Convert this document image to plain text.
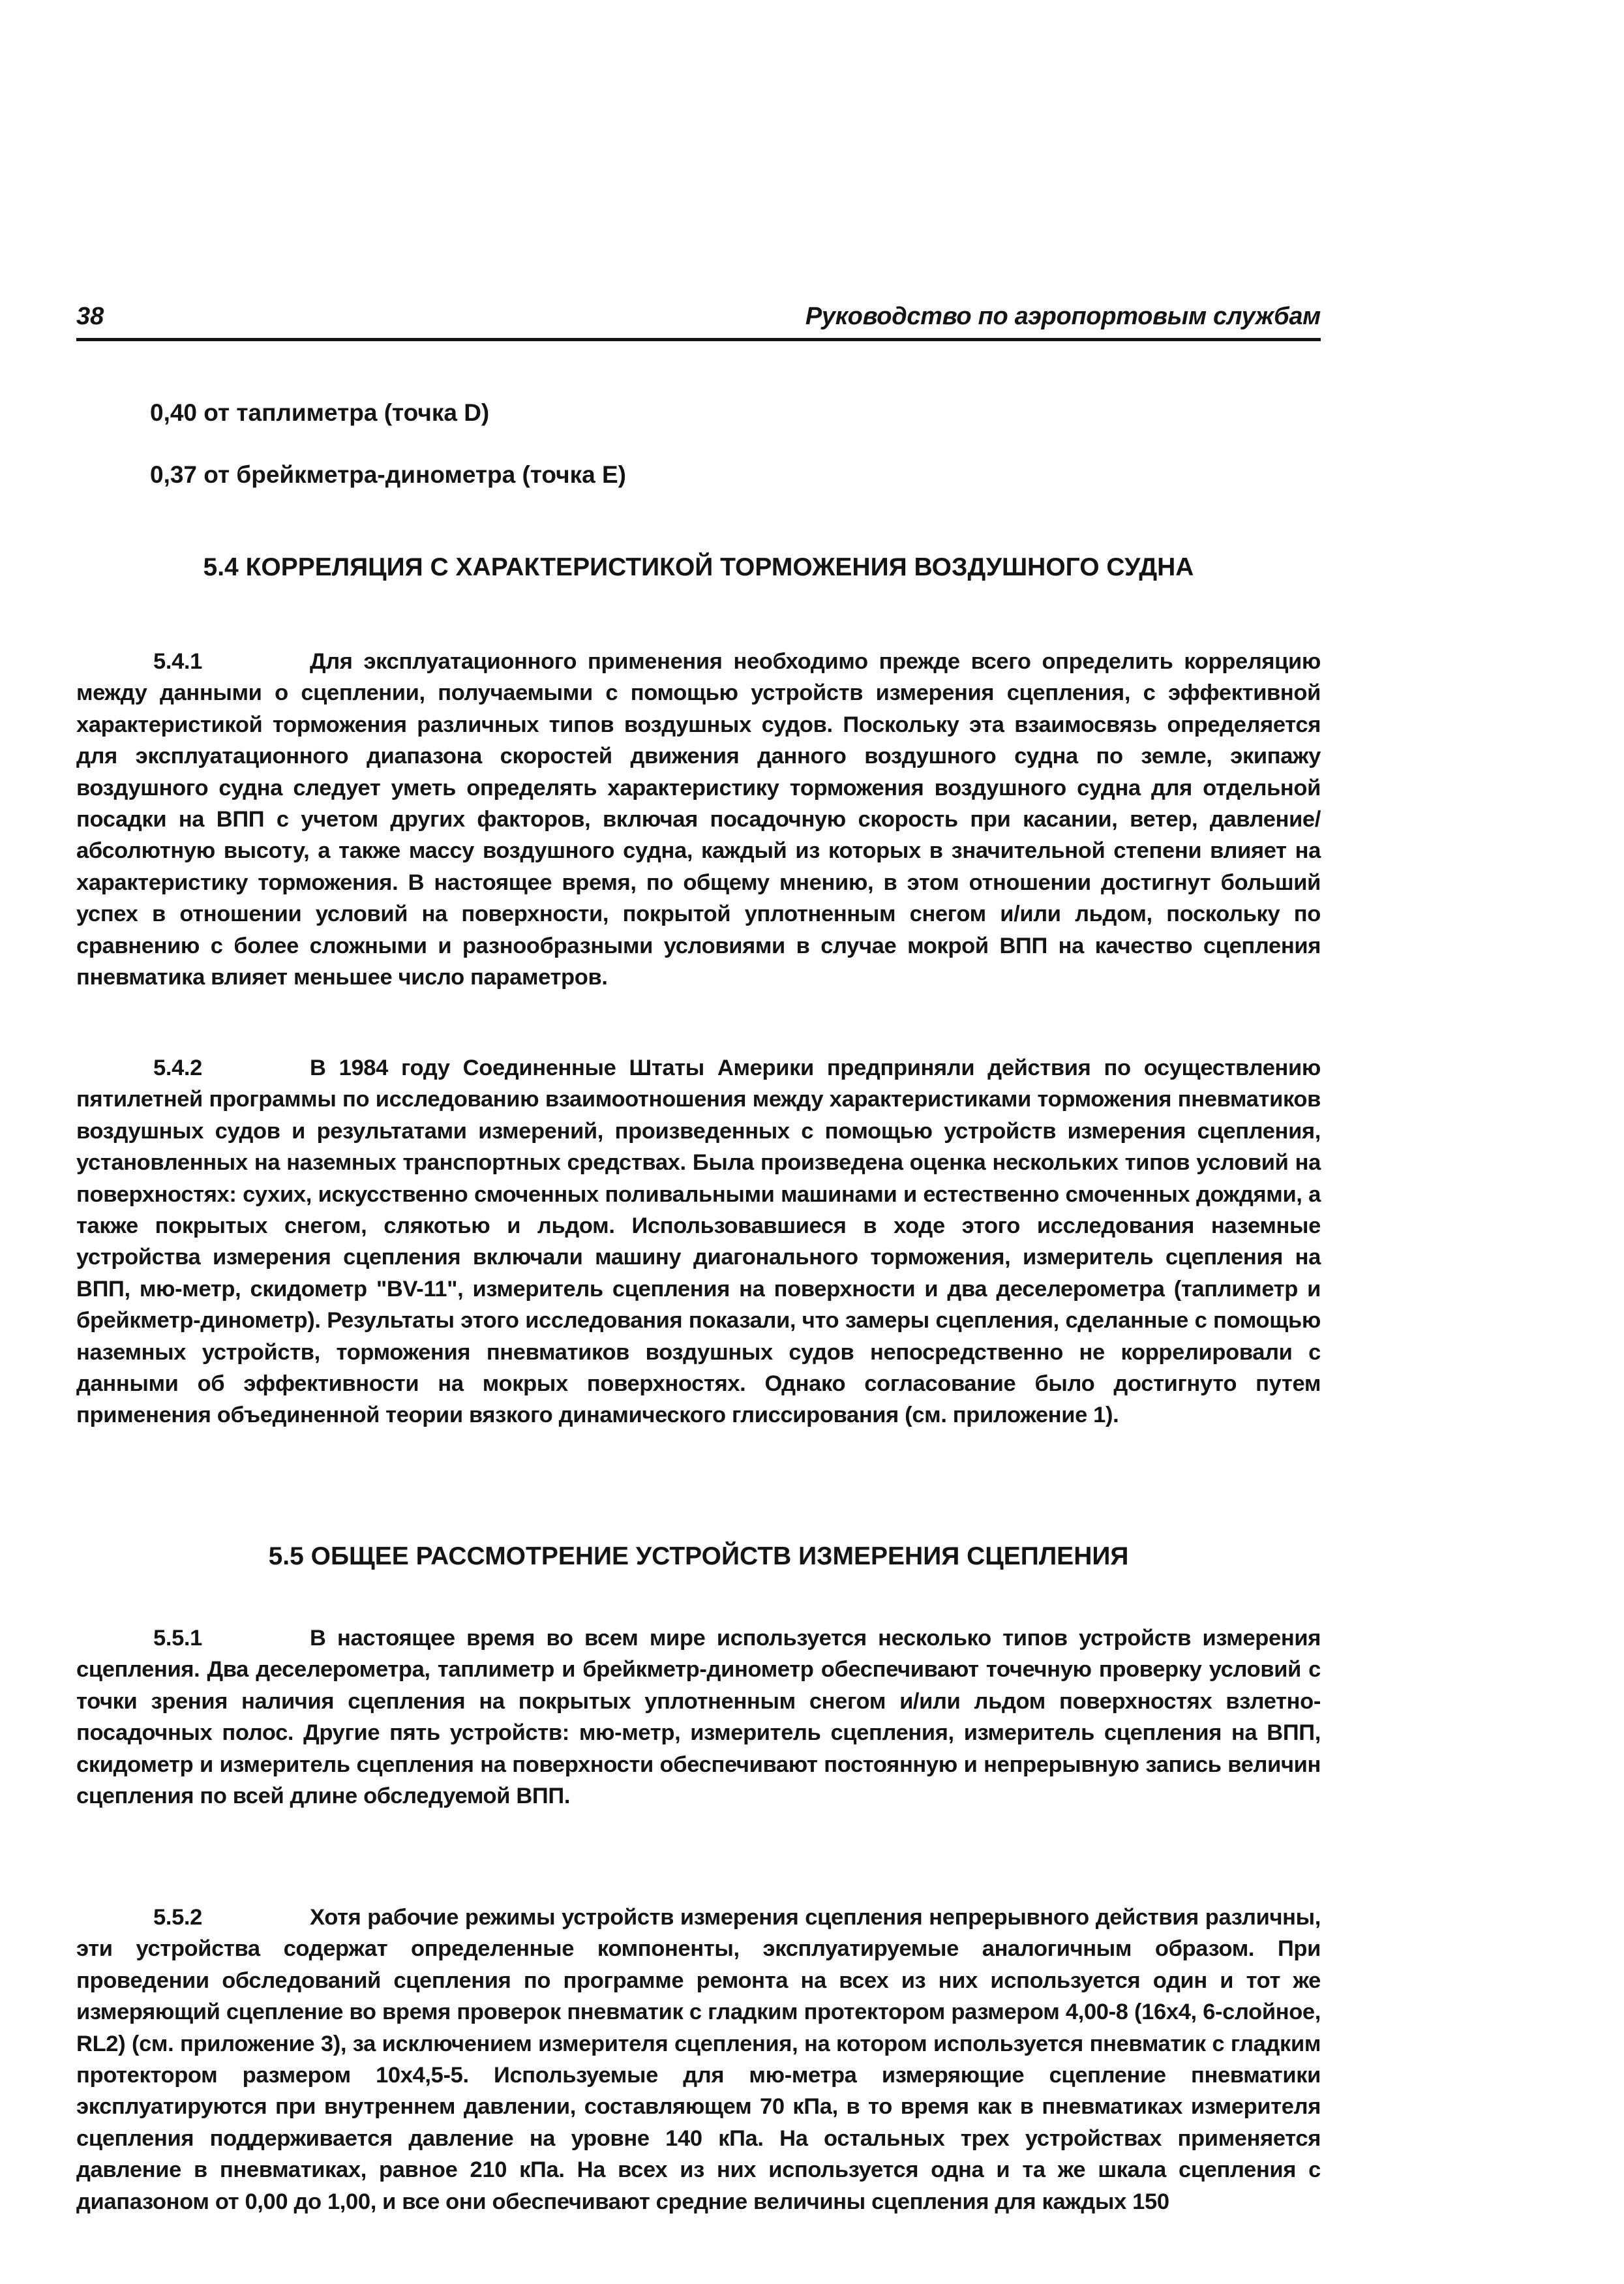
38	Руководство по аэропортовым службам
0,40 от таплиметра (точка D)
0,37 от брейкметра-динометра (точка E)
5.4 КОРРЕЛЯЦИЯ С ХАРАКТЕРИСТИКОЙ ТОРМОЖЕНИЯ ВОЗДУШНОГО СУДНА
5.4.1	Для эксплуатационного применения необходимо прежде всего определить корреляцию между данными о сцеплении, получаемыми с помощью устройств измерения сцепления, с эффективной характеристикой торможения различных типов воздушных судов. Поскольку эта взаимосвязь определяется для эксплуатационного диапазона скоростей движения данного воздушного судна по земле, экипажу воздушного судна следует уметь определять характеристику торможения воздушного судна для отдельной посадки на ВПП с учетом других факторов, включая посадочную скорость при касании, ветер, давление/абсолютную высоту, а также массу воздушного судна, каждый из которых в значительной степени влияет на характеристику торможения. В настоящее время, по общему мнению, в этом отношении достигнут больший успех в отношении условий на поверхности, покрытой уплотненным снегом и/или льдом, поскольку по сравнению с более сложными и разнообразными условиями в случае мокрой ВПП на качество сцепления пневматика влияет меньшее число параметров.
5.4.2	В 1984 году Соединенные Штаты Америки предприняли действия по осуществлению пятилетней программы по исследованию взаимоотношения между характеристиками торможения пневматиков воздушных судов и результатами измерений, произведенных с помощью устройств измерения сцепления, установленных на наземных транспортных средствах. Была произведена оценка нескольких типов условий на поверхностях: сухих, искусственно смоченных поливальными машинами и естественно смоченных дождями, а также покрытых снегом, слякотью и льдом. Использовавшиеся в ходе этого исследования наземные устройства измерения сцепления включали машину диагонального торможения, измеритель сцепления на ВПП, мю-метр, скидометр "BV-11", измеритель сцепления на поверхности и два деселерометра (таплиметр и брейкметр-динометр). Результаты этого исследования показали, что замеры сцепления, сделанные с помощью наземных устройств, торможения пневматиков воздушных судов непосредственно не коррелировали с данными об эффективности на мокрых поверхностях. Однако согласование было достигнуто путем применения объединенной теории вязкого динамического глиссирования (см. приложение 1).
5.5 ОБЩЕЕ РАССМОТРЕНИЕ УСТРОЙСТВ ИЗМЕРЕНИЯ СЦЕПЛЕНИЯ
5.5.1	В настоящее время во всем мире используется несколько типов устройств измерения сцепления. Два деселерометра, таплиметр и брейкметр-динометр обеспечивают точечную проверку условий с точки зрения наличия сцепления на покрытых уплотненным снегом и/или льдом поверхностях взлетно-посадочных полос. Другие пять устройств: мю-метр, измеритель сцепления, измеритель сцепления на ВПП, скидометр и измеритель сцепления на поверхности обеспечивают постоянную и непрерывную запись величин сцепления по всей длине обследуемой ВПП.
5.5.2	Хотя рабочие режимы устройств измерения сцепления непрерывного действия различны, эти устройства содержат определенные компоненты, эксплуатируемые аналогичным образом. При проведении обследований сцепления по программе ремонта на всех из них используется один и тот же измеряющий сцепление во время проверок пневматик с гладким протектором размером 4,00-8 (16x4, 6-слойное, RL2) (см. приложение 3), за исключением измерителя сцепления, на котором используется пневматик с гладким протектором размером 10x4,5-5. Используемые для мю-метра измеряющие сцепление пневматики эксплуатируются при внутреннем давлении, составляющем 70 кПа, в то время как в пневматиках измерителя сцепления поддерживается давление на уровне 140 кПа. На остальных трех устройствах применяется давление в пневматиках, равное 210 кПа. На всех из них используется одна и та же шкала сцепления с диапазоном от 0,00 до 1,00, и все они обеспечивают средние величины сцепления для каждых 150
